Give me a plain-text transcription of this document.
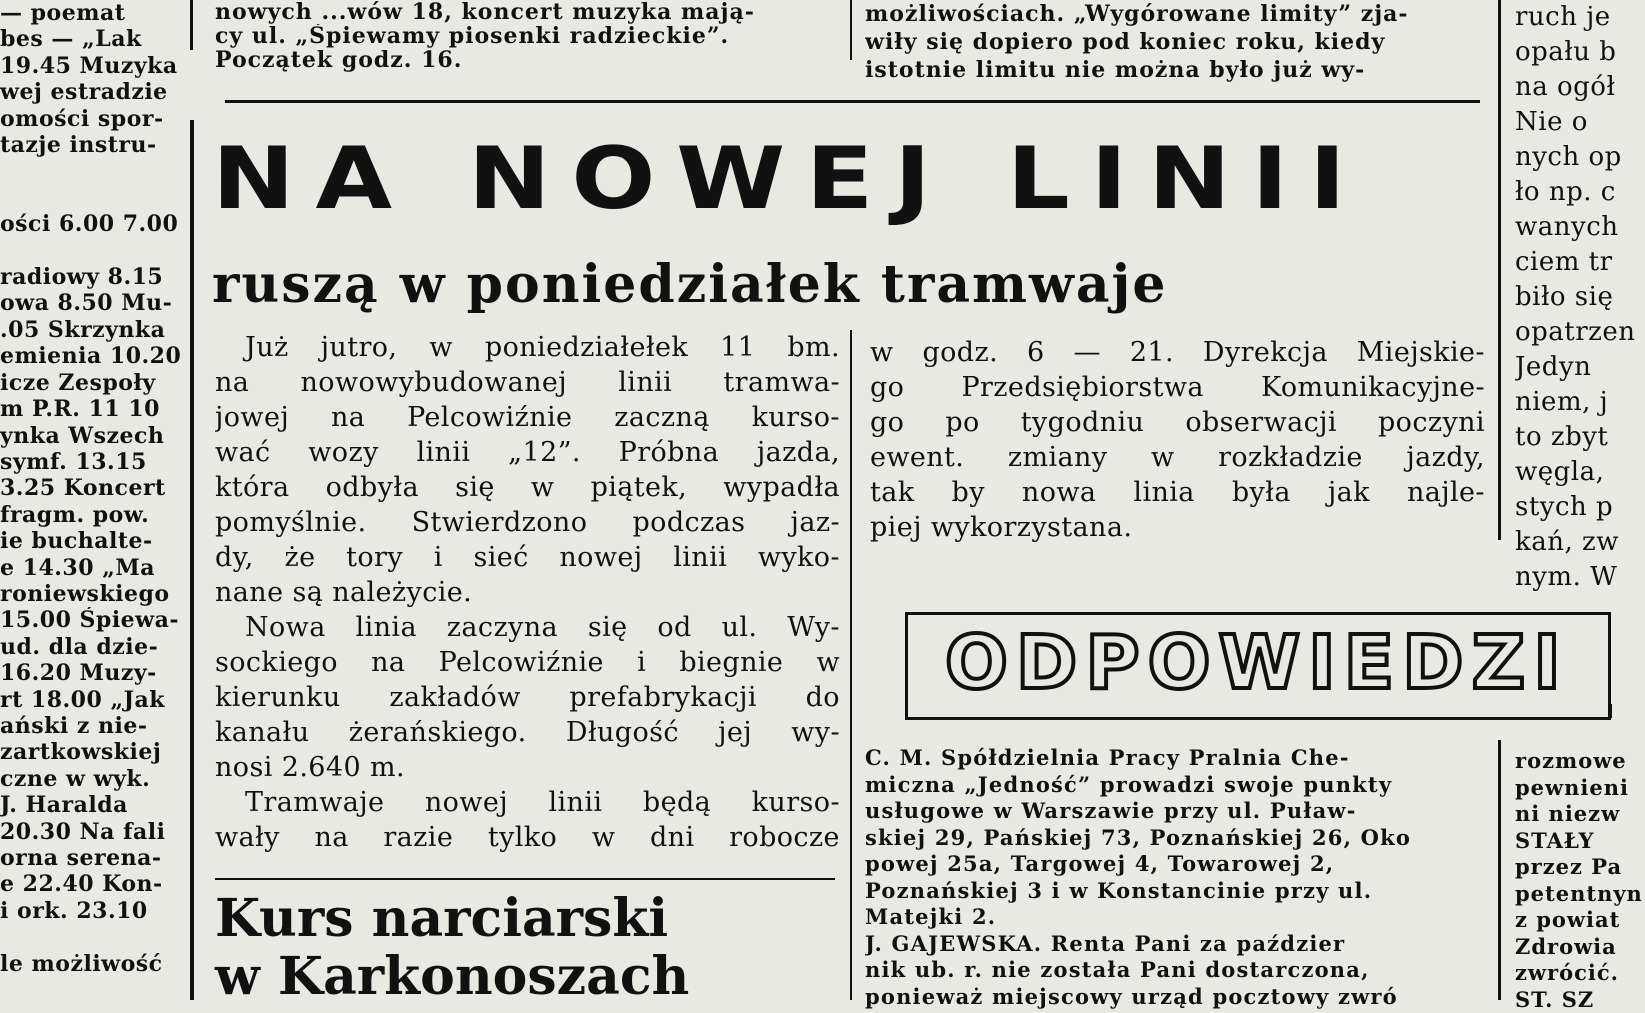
— poemat
bes — „Lak
19.45 Muzyka
wej estradzie
omości spor-
tazje instru-

ości 6.00 7.00

radiowy 8.15
owa 8.50 Mu-
.05 Skrzynka
emienia 10.20
icze Zespoły
m P.R. 11 10
ynka Wszech
symf. 13.15
3.25 Koncert
fragm. pow.
ie buchalte-
e 14.30 „Ma
roniewskiego
15.00 Śpiewa-
ud. dla dzie-
16.20 Muzy-
rt 18.00 „Jak
ański z nie-
zartkowskiej
czne w wyk.
J. Haralda
20.30 Na fali
orna serena-
e 22.40 Kon-
i ork. 23.10

le możliwość
nowych ...wów 18, koncert muzyka mają-
cy ul. „Śpiewamy piosenki radzieckie”.
Początek godz. 16.
możliwościach. „Wygórowane limity” zja-
wiły się dopiero pod koniec roku, kiedy
istotnie limitu nie można było już wy-
NA NOWEJ LINII
ruszą w poniedziałek tramwaje
Już jutro, w poniedziałełek 11 bm.
na nowowybudowanej linii tramwa-
jowej na Pelcowiźnie zaczną kurso-
wać wozy linii „12”. Próbna jazda,
która odbyła się w piątek, wypadła
pomyślnie. Stwierdzono podczas jaz-
dy, że tory i sieć nowej linii wyko-
nane są należycie.
Nowa linia zaczyna się od ul. Wy-
sockiego na Pelcowiźnie i biegnie w
kierunku zakładów prefabrykacji do
kanału żerańskiego. Długość jej wy-
nosi 2.640 m.
Tramwaje nowej linii będą kurso-
wały na razie tylko w dni robocze
w godz. 6 — 21. Dyrekcja Miejskie-
go Przedsiębiorstwa Komunikacyjne-
go po tygodniu obserwacji poczyni
ewent. zmiany w rozkładzie jazdy,
tak by nowa linia była jak najle-
piej wykorzystana.
Kurs narciarski
w Karkonoszach
ODPOWIEDZI
C. M. Spółdzielnia Pracy Pralnia Che-
miczna „Jedność” prowadzi swoje punkty
usługowe w Warszawie przy ul. Puław-
skiej 29, Pańskiej 73, Poznańskiej 26, Oko
powej 25a, Targowej 4, Towarowej 2,
Poznańskiej 3 i w Konstancinie przy ul.
Matejki 2.
J. GAJEWSKA. Renta Pani za paździer
nik ub. r. nie została Pani dostarczona,
ponieważ miejscowy urząd pocztowy zwró
ruch je
opału b
na ogół
Nie o
nych op
ło np. c
wanych
ciem tr
biło się
opatrzen
Jedyn
niem, j
to zbyt
węgla,
stych p
kań, zw
nym. W
rozmowe
pewnieni
ni niezw
STAŁY
przez Pa
petentnyn
z powiat
Zdrowia
zwrócić.
ST. SZ
